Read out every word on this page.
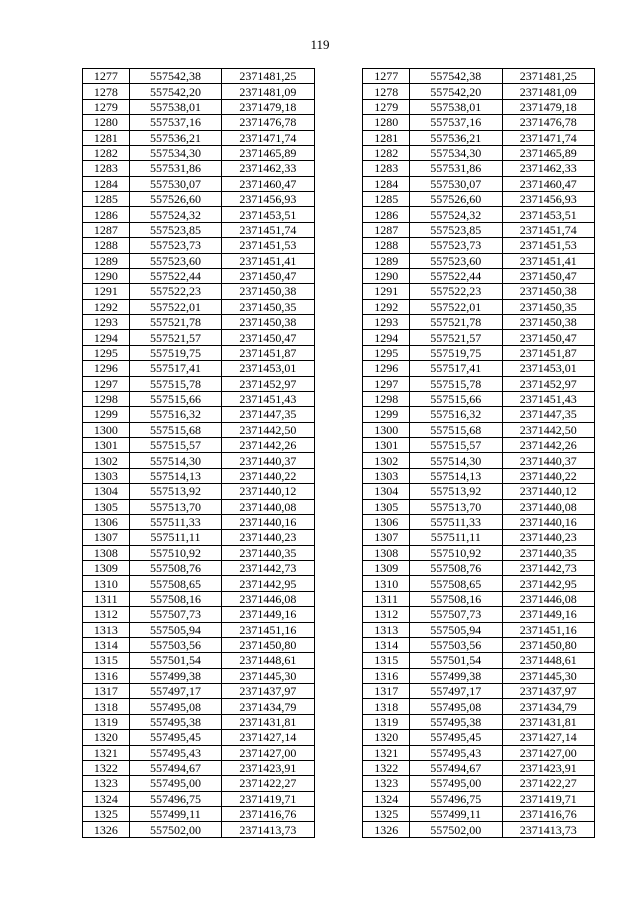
119
1277	557542,38	2371481,25		1277	557542,38	2371481,25
1278	557542,20	2371481,09		1278	557542,20	2371481,09
1279	557538,01	2371479,18		1279	557538,01	2371479,18
1280	557537,16	2371476,78		1280	557537,16	2371476,78
1281	557536,21	2371471,74		1281	557536,21	2371471,74
1282	557534,30	2371465,89		1282	557534,30	2371465,89
1283	557531,86	2371462,33		1283	557531,86	2371462,33
1284	557530,07	2371460,47		1284	557530,07	2371460,47
1285	557526,60	2371456,93		1285	557526,60	2371456,93
1286	557524,32	2371453,51		1286	557524,32	2371453,51
1287	557523,85	2371451,74		1287	557523,85	2371451,74
1288	557523,73	2371451,53		1288	557523,73	2371451,53
1289	557523,60	2371451,41		1289	557523,60	2371451,41
1290	557522,44	2371450,47		1290	557522,44	2371450,47
1291	557522,23	2371450,38		1291	557522,23	2371450,38
1292	557522,01	2371450,35		1292	557522,01	2371450,35
1293	557521,78	2371450,38		1293	557521,78	2371450,38
1294	557521,57	2371450,47		1294	557521,57	2371450,47
1295	557519,75	2371451,87		1295	557519,75	2371451,87
1296	557517,41	2371453,01		1296	557517,41	2371453,01
1297	557515,78	2371452,97		1297	557515,78	2371452,97
1298	557515,66	2371451,43		1298	557515,66	2371451,43
1299	557516,32	2371447,35		1299	557516,32	2371447,35
1300	557515,68	2371442,50		1300	557515,68	2371442,50
1301	557515,57	2371442,26		1301	557515,57	2371442,26
1302	557514,30	2371440,37		1302	557514,30	2371440,37
1303	557514,13	2371440,22		1303	557514,13	2371440,22
1304	557513,92	2371440,12		1304	557513,92	2371440,12
1305	557513,70	2371440,08		1305	557513,70	2371440,08
1306	557511,33	2371440,16		1306	557511,33	2371440,16
1307	557511,11	2371440,23		1307	557511,11	2371440,23
1308	557510,92	2371440,35		1308	557510,92	2371440,35
1309	557508,76	2371442,73		1309	557508,76	2371442,73
1310	557508,65	2371442,95		1310	557508,65	2371442,95
1311	557508,16	2371446,08		1311	557508,16	2371446,08
1312	557507,73	2371449,16		1312	557507,73	2371449,16
1313	557505,94	2371451,16		1313	557505,94	2371451,16
1314	557503,56	2371450,80		1314	557503,56	2371450,80
1315	557501,54	2371448,61		1315	557501,54	2371448,61
1316	557499,38	2371445,30		1316	557499,38	2371445,30
1317	557497,17	2371437,97		1317	557497,17	2371437,97
1318	557495,08	2371434,79		1318	557495,08	2371434,79
1319	557495,38	2371431,81		1319	557495,38	2371431,81
1320	557495,45	2371427,14		1320	557495,45	2371427,14
1321	557495,43	2371427,00		1321	557495,43	2371427,00
1322	557494,67	2371423,91		1322	557494,67	2371423,91
1323	557495,00	2371422,27		1323	557495,00	2371422,27
1324	557496,75	2371419,71		1324	557496,75	2371419,71
1325	557499,11	2371416,76		1325	557499,11	2371416,76
1326	557502,00	2371413,73		1326	557502,00	2371413,73
